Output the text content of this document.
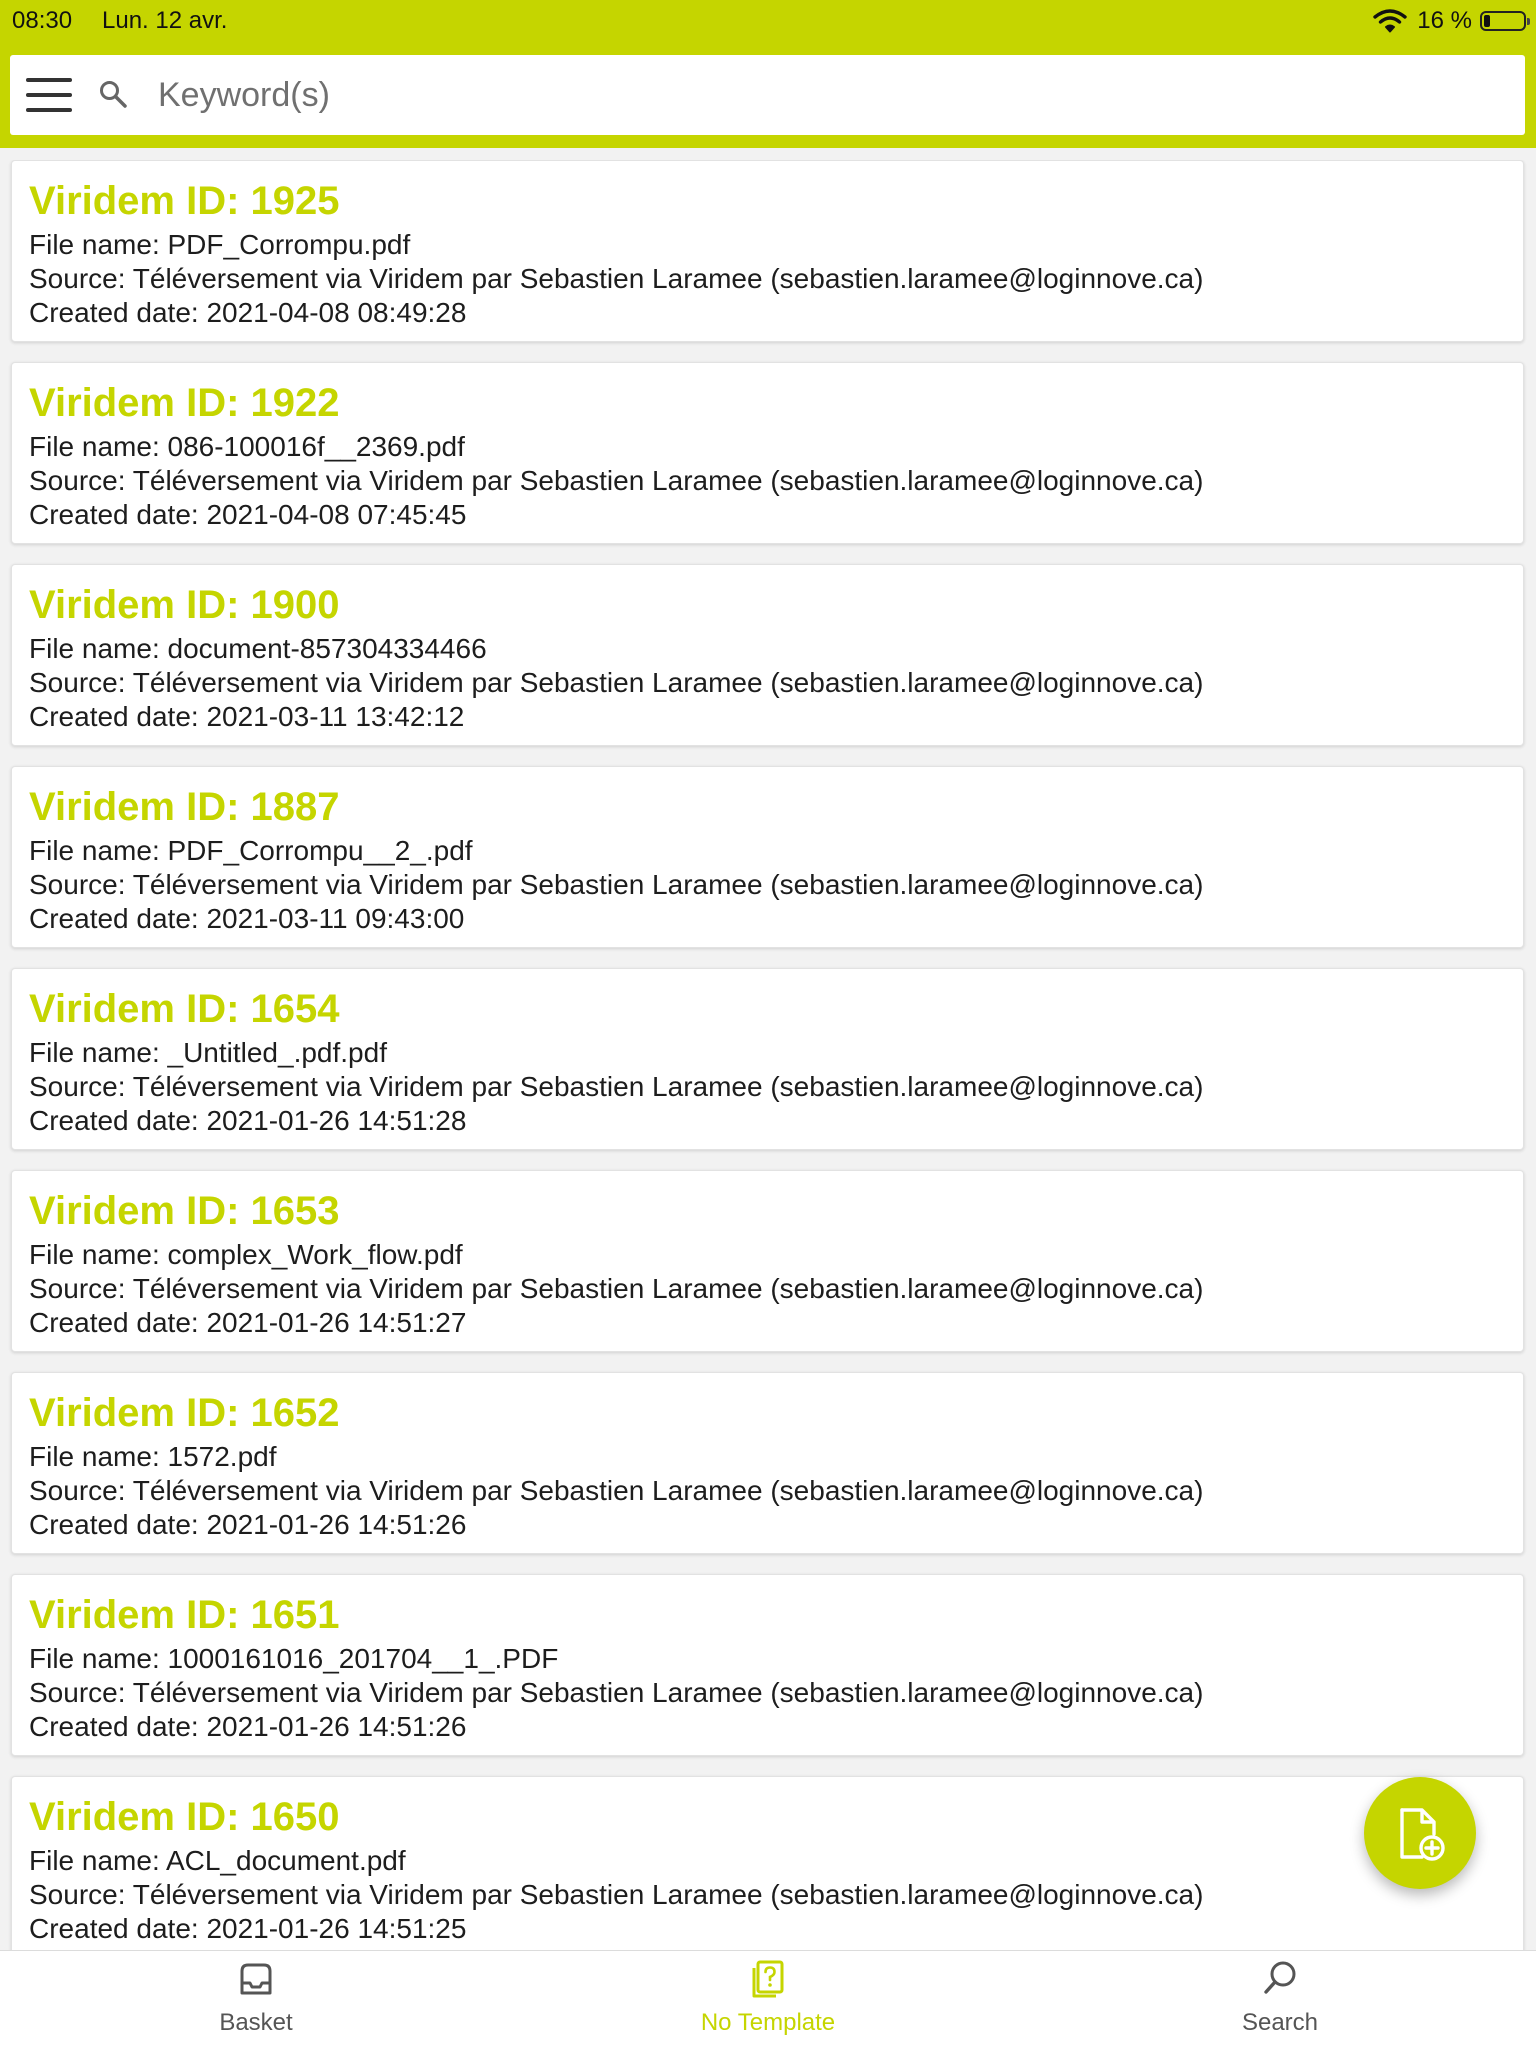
08:30 Lun. 12 avr.	16 %
Keyword(s)
Viridem ID: 1925
File name: PDF_Corrompu.pdf
Source: Téléversement via Viridem par Sebastien Laramee (sebastien.laramee@loginnove.ca)
Created date: 2021-04-08 08:49:28
Viridem ID: 1922
File name: 086-100016f__2369.pdf
Source: Téléversement via Viridem par Sebastien Laramee (sebastien.laramee@loginnove.ca)
Created date: 2021-04-08 07:45:45
Viridem ID: 1900
File name: document-857304334466
Source: Téléversement via Viridem par Sebastien Laramee (sebastien.laramee@loginnove.ca)
Created date: 2021-03-11 13:42:12
Viridem ID: 1887
File name: PDF_Corrompu__2_.pdf
Source: Téléversement via Viridem par Sebastien Laramee (sebastien.laramee@loginnove.ca)
Created date: 2021-03-11 09:43:00
Viridem ID: 1654
File name: _Untitled_.pdf.pdf
Source: Téléversement via Viridem par Sebastien Laramee (sebastien.laramee@loginnove.ca)
Created date: 2021-01-26 14:51:28
Viridem ID: 1653
File name: complex_Work_flow.pdf
Source: Téléversement via Viridem par Sebastien Laramee (sebastien.laramee@loginnove.ca)
Created date: 2021-01-26 14:51:27
Viridem ID: 1652
File name: 1572.pdf
Source: Téléversement via Viridem par Sebastien Laramee (sebastien.laramee@loginnove.ca)
Created date: 2021-01-26 14:51:26
Viridem ID: 1651
File name: 1000161016_201704__1_.PDF
Source: Téléversement via Viridem par Sebastien Laramee (sebastien.laramee@loginnove.ca)
Created date: 2021-01-26 14:51:26
Viridem ID: 1650
File name: ACL_document.pdf
Source: Téléversement via Viridem par Sebastien Laramee (sebastien.laramee@loginnove.ca)
Created date: 2021-01-26 14:51:25
Basket	No Template	Search
